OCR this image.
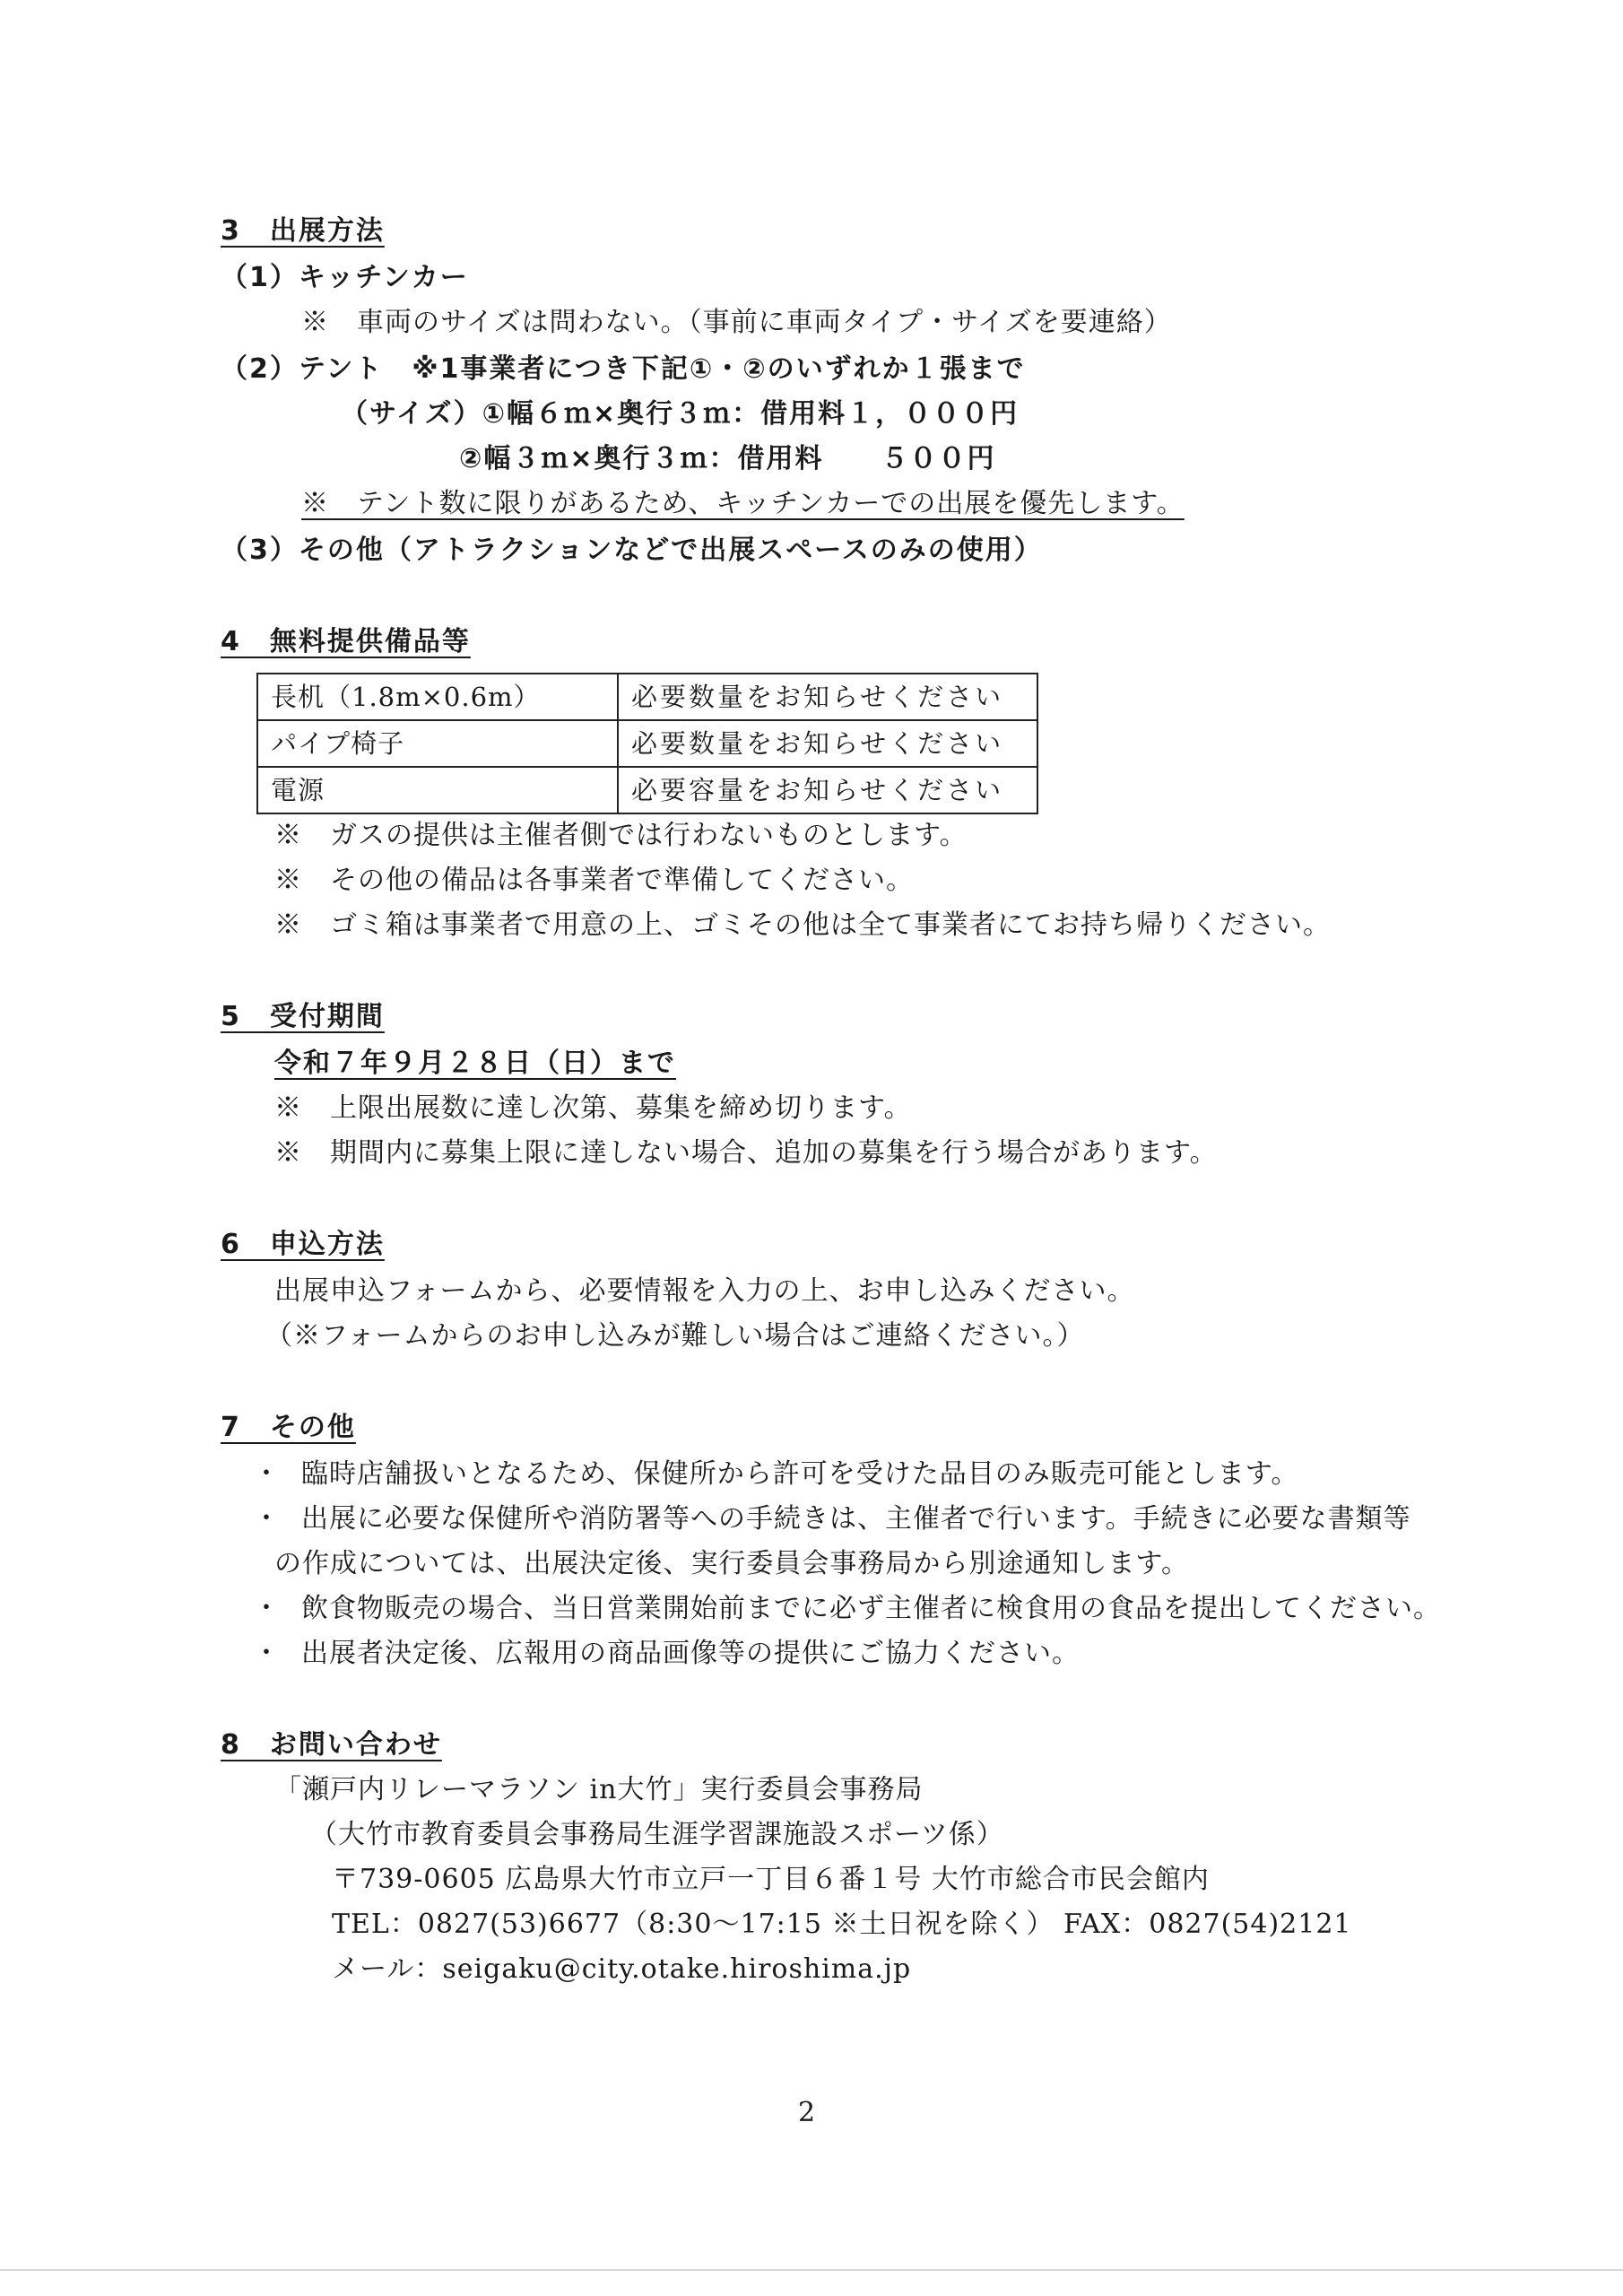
3　出展方法
（1）キッチンカー
※　車両のサイズは問わない。（事前に車両タイプ・サイズを要連絡）
（2）テント　※1事業者につき下記①・②のいずれか１張まで
（サイズ）①幅６ｍ×奥行３ｍ：借用料１，０００円
②幅３ｍ×奥行３ｍ：借用料　　５００円
※　テント数に限りがあるため、キッチンカーでの出展を優先します。
（3）その他（アトラクションなどで出展スペースのみの使用）
4　無料提供備品等
長机（1.8m×0.6m）	必要数量をお知らせください
パイプ椅子	必要数量をお知らせください
電源	必要容量をお知らせください
※　ガスの提供は主催者側では行わないものとします。
※　その他の備品は各事業者で準備してください。
※　ゴミ箱は事業者で用意の上、ゴミその他は全て事業者にてお持ち帰りください。
5　受付期間
令和７年９月２８日（日）まで
※　上限出展数に達し次第、募集を締め切ります。
※　期間内に募集上限に達しない場合、追加の募集を行う場合があります。
6　申込方法
出展申込フォームから、必要情報を入力の上、お申し込みください。
（※フォームからのお申し込みが難しい場合はご連絡ください。）
7　その他
・ 臨時店舗扱いとなるため、保健所から許可を受けた品目のみ販売可能とします。
・ 出展に必要な保健所や消防署等への手続きは、主催者で行います。手続きに必要な書類等
の作成については、出展決定後、実行委員会事務局から別途通知します。
・ 飲食物販売の場合、当日営業開始前までに必ず主催者に検食用の食品を提出してください。
・ 出展者決定後、広報用の商品画像等の提供にご協力ください。
8　お問い合わせ
「瀬戸内リレーマラソン in大竹」実行委員会事務局
（大竹市教育委員会事務局生涯学習課施設スポーツ係）
〒739-0605 広島県大竹市立戸一丁目６番１号 大竹市総合市民会館内
TEL：0827(53)6677（8:30～17:15 ※土日祝を除く） FAX：0827(54)2121
メール：seigaku@city.otake.hiroshima.jp
2
